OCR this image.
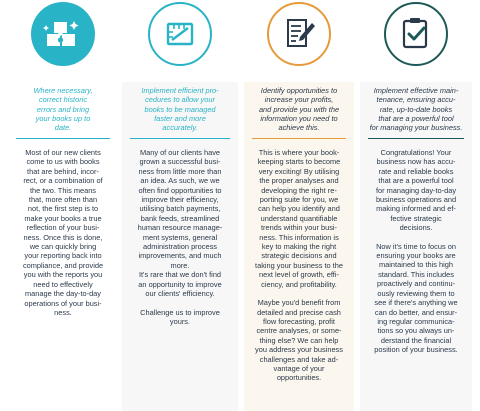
Where necessary,
correct historic
errors and bring
your books up to
date.

Most of our new clients
come to us with books
that are behind, incor-
rect, or a combination of
the two. This means
that, more often than
not, the first step is to
make your books a true
reflection of your busi-
ness. Once this is done,
we can quickly bring
your reporting back into
compliance, and provide
you with the reports you
need to effectively
manage the day-to-day
operations of your busi-
ness.

Implement efficient pro-
cedures to allow your
books to be managed
faster and more
accurately.

Many of our clients have
grown a successful busi-
ness from little more than
an idea. As such, we we
often find opportunities to
improve their efficiency,
utilising batch payments,
bank feeds, streamlined
human resource manage-
ment systems, general
administration process
improvements, and much
more.
It's rare that we don't find
an opportunity to improve
our clients' efficiency.

Challenge us to improve
yours.

Identify opportunities to
increase your profits,
and provide you with the
information you need to
achieve this.

This is where your book-
keeping starts to become
very exciting! By utilising
the proper analyses and
developing the right re-
porting suite for you, we
can help you identify and
understand quantifiable
trends within your busi-
ness. This information is
key to making the right
strategic decisions and
taking your business to the
next level of growth, effi-
ciency, and profitability.

Maybe you'd benefit from
detailed and precise cash
flow forecasting, profit
centre analyses, or some-
thing else? We can help
you address your business
challenges and take ad-
vantage of your
opportunities.

Implement effective main-
tenance, ensuring accu-
rate, up-to-date books
that are a powerful tool
for managing your business.

Congratulations! Your
business now has accu-
rate and reliable books
that are a powerful tool
for managing day-to-day
business operations and
making informed and ef-
fective strategic
decisions.

Now it's time to focus on
ensuring your books are
maintained to this high
standard. This includes
proactively and continu-
ously reviewing them to
see if there's anything we
can do better, and ensur-
ing regular communica-
tions so you always un-
derstand the financial
position of your business.
